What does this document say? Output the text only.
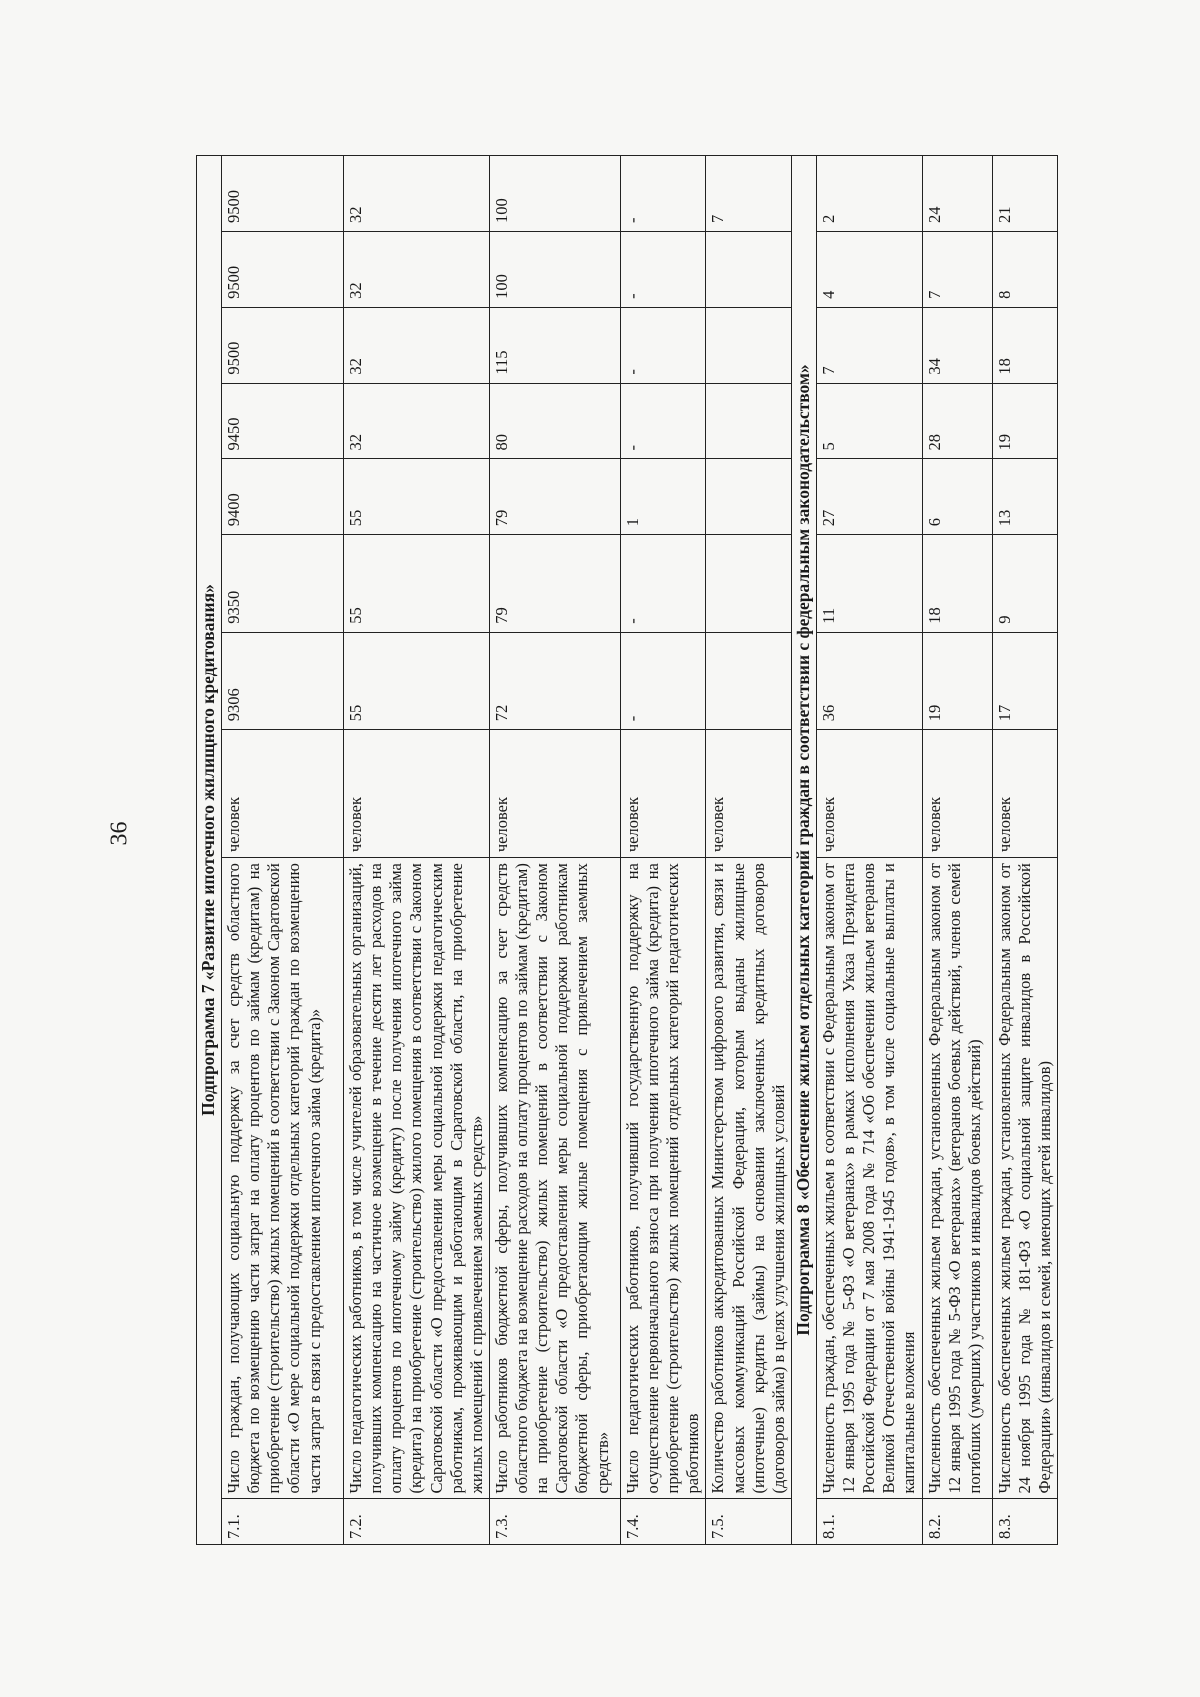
36	Подпрограмма 7 «Развитие ипотечного жилищного кредитования»									
7.1.	Число граждан, получающих социальную поддержку за счет средств областного бюджета по возмещению части затрат на оплату процентов по займам (кредитам) на приобретение (строительство) жилых помещений в соответствии с Законом Саратовской области «О мере социальной поддержки отдельных категорий граждан по возмещению части затрат в связи с предоставлением ипотечного займа (кредита)»	человек	9306	9350	9400	9450	9500	9500	9500
7.2.	Число педагогических работников, в том числе учителей образовательных организаций, получивших компенсацию на частичное возмещение в течение десяти лет расходов на оплату процентов по ипотечному займу (кредиту) после получения ипотечного займа (кредита) на приобретение (строительство) жилого помещения в соответствии с Законом Саратовской области «О предоставлении меры социальной поддержки педагогическим работникам, проживающим и работающим в Саратовской области, на приобретение жилых помещений с привлечением заемных средств»	человек	55	55	55	32	32	32	32
7.3.	Число работников бюджетной сферы, получивших компенсацию за счет средств областного бюджета на возмещение расходов на оплату процентов по займам (кредитам) на приобретение (строительство) жилых помещений в соответствии с Законом Саратовской области «О предоставлении меры социальной поддержки работникам бюджетной сферы, приобретающим жилые помещения с привлечением заемных средств»	человек	72	79	79	80	115	100	100
7.4.	Число педагогических работников, получивший государственную поддержку на осуществление первоначального взноса при получении ипотечного займа (кредита) на приобретение (строительство) жилых помещений отдельных категорий педагогических работников	человек	-	-	1	-	-	-	-
7.5.	Количество работников аккредитованных Министерством цифрового развития, связи и массовых коммуникаций Российской Федерации, которым выданы жилищные (ипотечные) кредиты (займы) на основании заключенных кредитных договоров (договоров займа) в целях улучшения жилищных условий	человек							7
Подпрограмма 8 «Обеспечение жильем отдельных категорий граждан в соответствии с федеральным законодательством»									
8.1.	Численность граждан, обеспеченных жильем в соответствии с Федеральным законом от 12 января 1995 года № 5-ФЗ «О ветеранах» в рамках исполнения Указа Президента Российской Федерации от 7 мая 2008 года № 714 «Об обеспечении жильем ветеранов Великой Отечественной войны 1941-1945 годов», в том числе социальные выплаты и капитальные вложения	человек	36	11	27	5	7	4	2
8.2.	Численность обеспеченных жильем граждан, установленных Федеральным законом от 12 января 1995 года № 5-ФЗ «О ветеранах» (ветеранов боевых действий, членов семей погибших (умерших) участников и инвалидов боевых действий)	человек	19	18	6	28	34	7	24
8.3.	Численность обеспеченных жильем граждан, установленных Федеральным законом от 24 ноября 1995 года № 181-ФЗ «О социальной защите инвалидов в Российской Федерации» (инвалидов и семей, имеющих детей инвалидов)	человек	17	9	13	19	18	8	21
